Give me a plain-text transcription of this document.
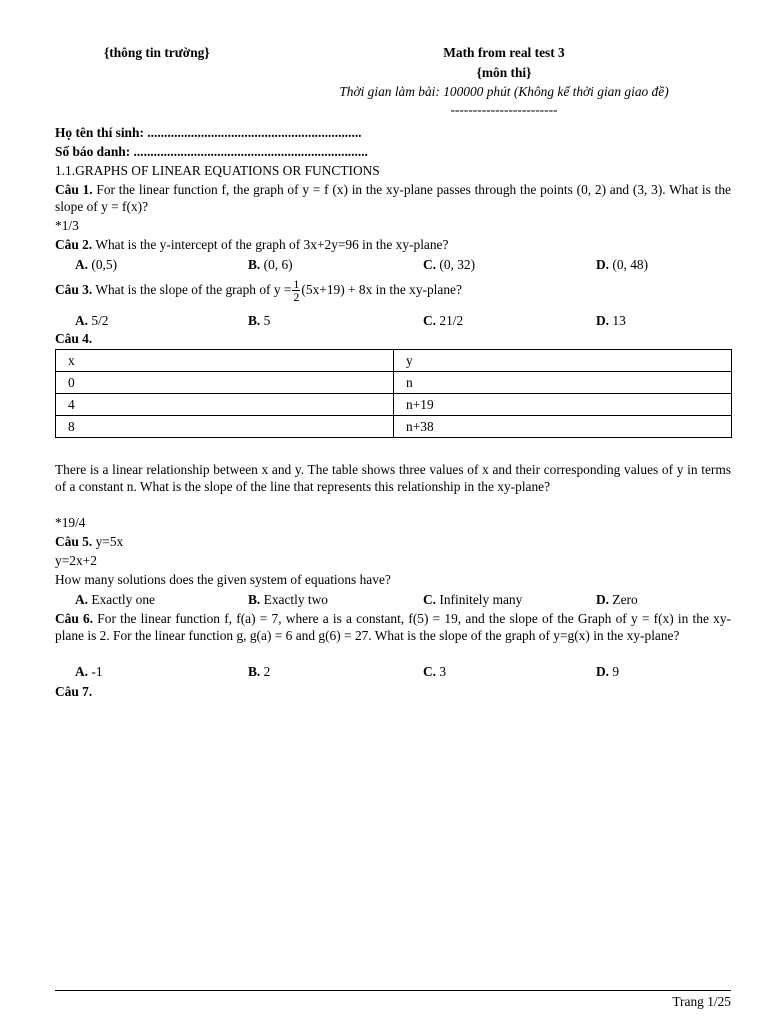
{thông tin trường}	Math from real test 3
{môn thi}
Thời gian làm bài: 100000 phút (Không kể thời gian giao đề)
------------------------
Họ tên thí sinh: ................................................................
Số báo danh: ......................................................................
1.1.GRAPHS OF LINEAR EQUATIONS OR FUNCTIONS
Câu 1. For the linear function f, the graph of y = f (x) in the xy-plane passes through the points (0, 2) and (3, 3). What is the slope of y = f(x)?
*1/3
Câu 2. What is the y-intercept of the graph of 3x+2y=96 in the xy-plane?
A. (0,5)	B. (0, 6)	C. (0, 32)	D. (0, 48)
Câu 3. What is the slope of the graph of $y = \frac{1}{2} (5x+19) + 8x$ in the xy-plane?
A. 5/2	B. 5	C. 21/2	D. 13
Câu 4.
x	y
0	n
4	n+19
8	n+38
There is a linear relationship between x and y. The table shows three values of x and their corresponding values of y in terms of a constant n. What is the slope of the line that represents this relationship in the xy-plane?
*19/4
Câu 5. y=5x
y=2x+2
How many solutions does the given system of equations have?
A. Exactly one	B. Exactly two	C. Infinitely many	D. Zero
Câu 6. For the linear function f, f(a) = 7, where a is a constant, f(5) = 19, and the slope of the Graph of y = f(x) in the xy-plane is 2. For the linear function g, g(a) = 6 and g(6) = 27. What is the slope of the graph of y=g(x) in the xy-plane?
A. -1	B. 2	C. 3	D. 9
Câu 7.
Trang 1/25
